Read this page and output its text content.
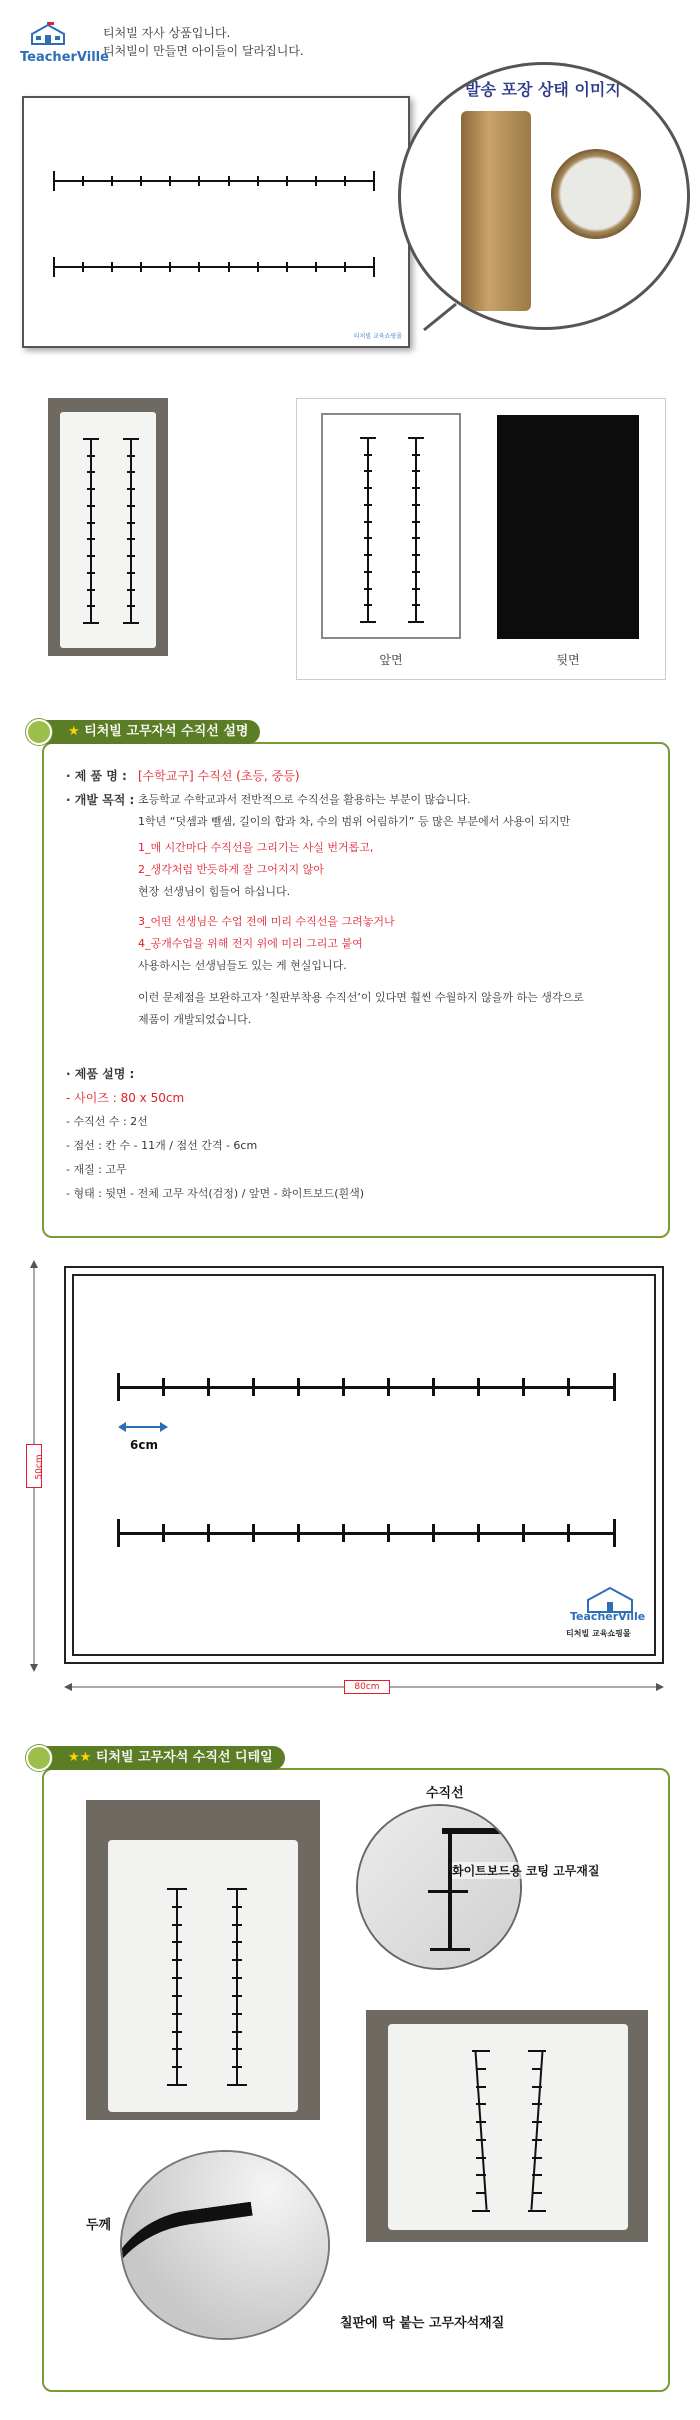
TeacherVille
티처빌 자사 상품입니다.
티처빌이 만들면 아이들이 달라집니다.
티처빌 교육쇼핑몰
발송 포장 상태 이미지
앞면	뒷면
★ 티처빌 고무자석 수직선 설명
· 제 품 명 : [수학교구] 수직선 (초등, 중등)
· 개발 목적 : 초등학교 수학교과서 전반적으로 수직선을 활용하는 부분이 많습니다.
1학년 “덧셈과 뺄셈, 길이의 합과 차, 수의 범위 어림하기” 등 많은 부분에서 사용이 되지만
1_매 시간마다 수직선을 그리기는 사실 번거롭고,
2_생각처럼 반듯하게 잘 그어지지 않아
현장 선생님이 힘들어 하십니다.
3_어떤 선생님은 수업 전에 미리 수직선을 그려놓거나
4_공개수업을 위해 전지 위에 미리 그리고 붙여
사용하시는 선생님들도 있는 게 현실입니다.
이런 문제점을 보완하고자 ‘칠판부착용 수직선’이 있다면 훨씬 수월하지 않을까 하는 생각으로
제품이 개발되었습니다.
· 제품 설명 :
- 사이즈 : 80 x 50cm
- 수직선 수 : 2선
- 점선 : 칸 수 - 11개 / 점선 간격 - 6cm
- 재질 : 고무
- 형태 : 뒷면 - 전체 고무 자석(검정) / 앞면 - 화이트보드(흰색)
50cm
6cm
TeacherVille
티처빌 교육쇼핑몰
80cm
★★ 티처빌 고무자석 수직선 디테일
수직선
화이트보드용 코팅 고무재질
두께
칠판에 딱 붙는 고무자석재질
